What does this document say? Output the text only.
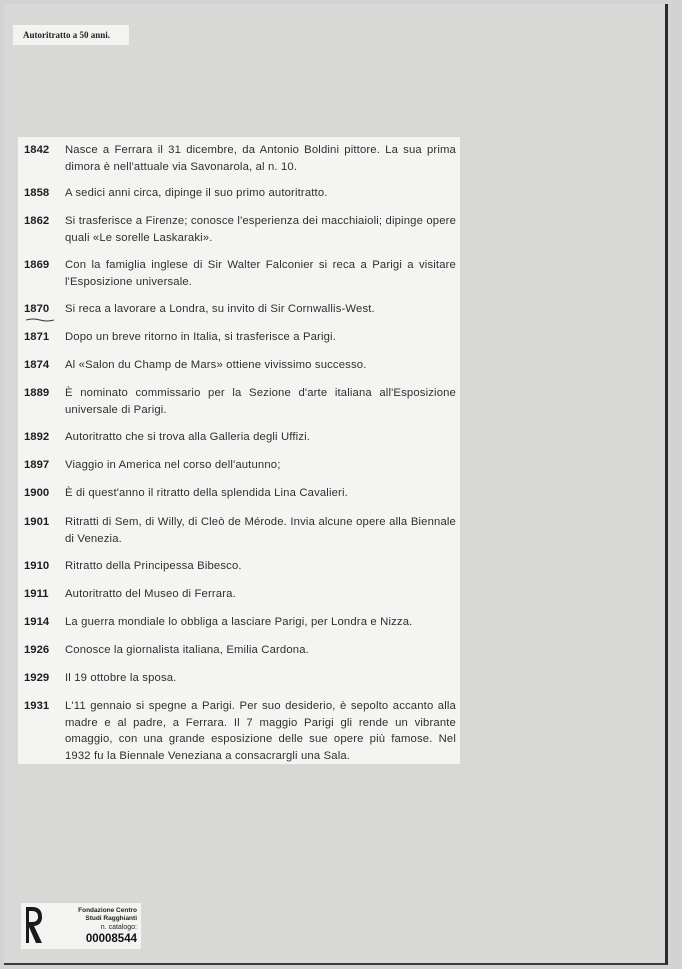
Autoritratto a 50 anni.
1842	Nasce a Ferrara il 31 dicembre, da Antonio Boldini pittore. La sua prima dimora è nell'attuale via Savonarola, al n. 10.
1858	A sedici anni circa, dipinge il suo primo autoritratto.
1862	Si trasferisce a Firenze; conosce l'esperienza dei macchiaioli; dipinge opere quali «Le sorelle Laskaraki».
1869	Con la famiglia inglese di Sir Walter Falconier si reca a Parigi a visitare l'Esposizione universale.
1870	Si reca a lavorare a Londra, su invito di Sir Cornwallis-West.
1871	Dopo un breve ritorno in Italia, si trasferisce a Parigi.
1874	Al «Salon du Champ de Mars» ottiene vivissimo successo.
1889	È nominato commissario per la Sezione d'arte italiana all'Esposizione universale di Parigi.
1892	Autoritratto che si trova alla Galleria degli Uffizi.
1897	Viaggio in America nel corso dell'autunno;
1900	È di quest'anno il ritratto della splendida Lina Cavalieri.
1901	Ritratti di Sem, di Willy, di Cleò de Mérode. Invia alcune opere alla Biennale di Venezia.
1910	Ritratto della Principessa Bibesco.
1911	Autoritratto del Museo di Ferrara.
1914	La guerra mondiale lo obbliga a lasciare Parigi, per Londra e Nizza.
1926	Conosce la giornalista italiana, Emilia Cardona.
1929	Il 19 ottobre la sposa.
1931	L'11 gennaio si spegne a Parigi. Per suo desiderio, è sepolto accanto alla madre e al padre, a Ferrara. Il 7 maggio Parigi gli rende un vibrante omaggio, con una grande esposizione delle sue opere più famose. Nel 1932 fu la Biennale Veneziana a consacrargli una Sala.
Fondazione Centro
Studi Ragghianti
n. catalogo:
00008544
